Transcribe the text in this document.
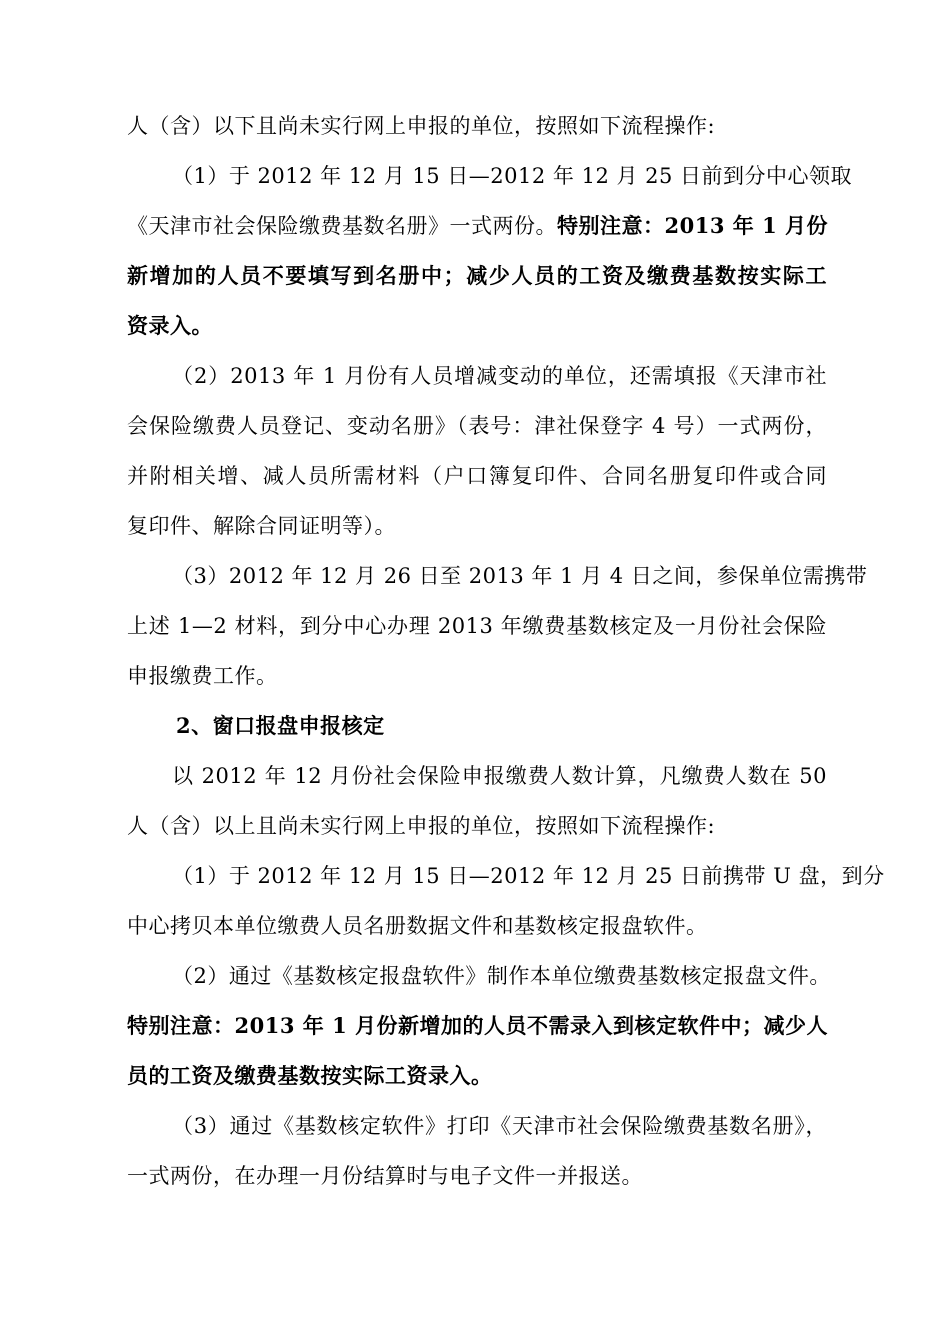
人（含）以下且尚未实行网上申报的单位，按照如下流程操作:
（1）于 2012 年 12 月 15 日—2012 年 12 月 25 日前到分中心领取
《天津市社会保险缴费基数名册》一式两份。特别注意：2013 年 1 月份
新增加的人员不要填写到名册中；减少人员的工资及缴费基数按实际工
资录入。
（2）2013 年 1 月份有人员增减变动的单位，还需填报《天津市社
会保险缴费人员登记、变动名册》（表号：津社保登字 4 号）一式两份，
并附相关增、减人员所需材料（户口簿复印件、合同名册复印件或合同
复印件、解除合同证明等）。
（3）2012 年 12 月 26 日至 2013 年 1 月 4 日之间，参保单位需携带
上述 1—2 材料，到分中心办理 2013 年缴费基数核定及一月份社会保险
申报缴费工作。
2、窗口报盘申报核定
以 2012 年 12 月份社会保险申报缴费人数计算，凡缴费人数在 50
人（含）以上且尚未实行网上申报的单位，按照如下流程操作:
（1）于 2012 年 12 月 15 日—2012 年 12 月 25 日前携带 U 盘，到分
中心拷贝本单位缴费人员名册数据文件和基数核定报盘软件。
（2）通过《基数核定报盘软件》制作本单位缴费基数核定报盘文件。
特别注意：2013 年 1 月份新增加的人员不需录入到核定软件中；减少人
员的工资及缴费基数按实际工资录入。
（3）通过《基数核定软件》打印《天津市社会保险缴费基数名册》，
一式两份，在办理一月份结算时与电子文件一并报送。
